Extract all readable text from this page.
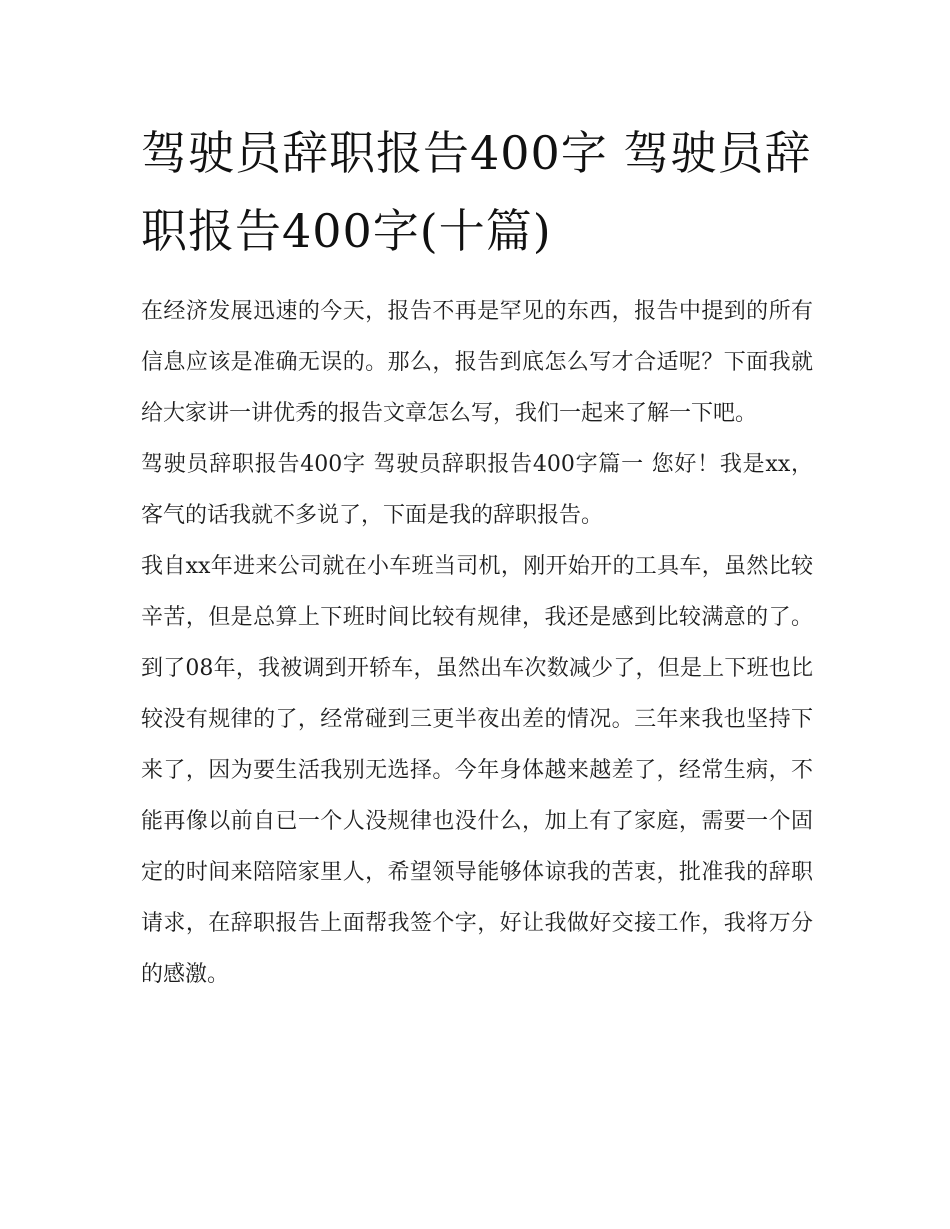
驾驶员辞职报告400字 驾驶员辞职报告400字(十篇)

在经济发展迅速的今天，报告不再是罕见的东西，报告中提到的所有信息应该是准确无误的。那么，报告到底怎么写才合适呢？下面我就给大家讲一讲优秀的报告文章怎么写，我们一起来了解一下吧。

驾驶员辞职报告400字 驾驶员辞职报告400字篇一 您好！我是xx，客气的话我就不多说了，下面是我的辞职报告。

我自xx年进来公司就在小车班当司机，刚开始开的工具车，虽然比较辛苦，但是总算上下班时间比较有规律，我还是感到比较满意的了。到了08年，我被调到开轿车，虽然出车次数减少了，但是上下班也比较没有规律的了，经常碰到三更半夜出差的情况。三年来我也坚持下来了，因为要生活我别无选择。今年身体越来越差了，经常生病，不能再像以前自已一个人没规律也没什么，加上有了家庭，需要一个固定的时间来陪陪家里人，希望领导能够体谅我的苦衷，批准我的辞职请求，在辞职报告上面帮我签个字，好让我做好交接工作，我将万分的感激。
